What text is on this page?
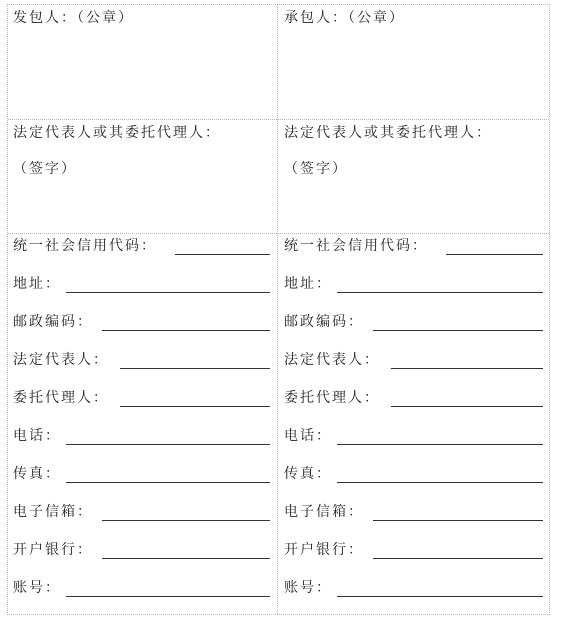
发包人：（公章）	承包人：（公章）
法定代表人或其委托代理人：
（签字）
法定代表人或其委托代理人：
（签字）
统一社会信用代码：
地址：
邮政编码：
法定代表人：
委托代理人：
电话：
传真：
电子信箱：
开户银行：
账号：
统一社会信用代码：
地址：
邮政编码：
法定代表人：
委托代理人：
电话：
传真：
电子信箱：
开户银行：
账号：
